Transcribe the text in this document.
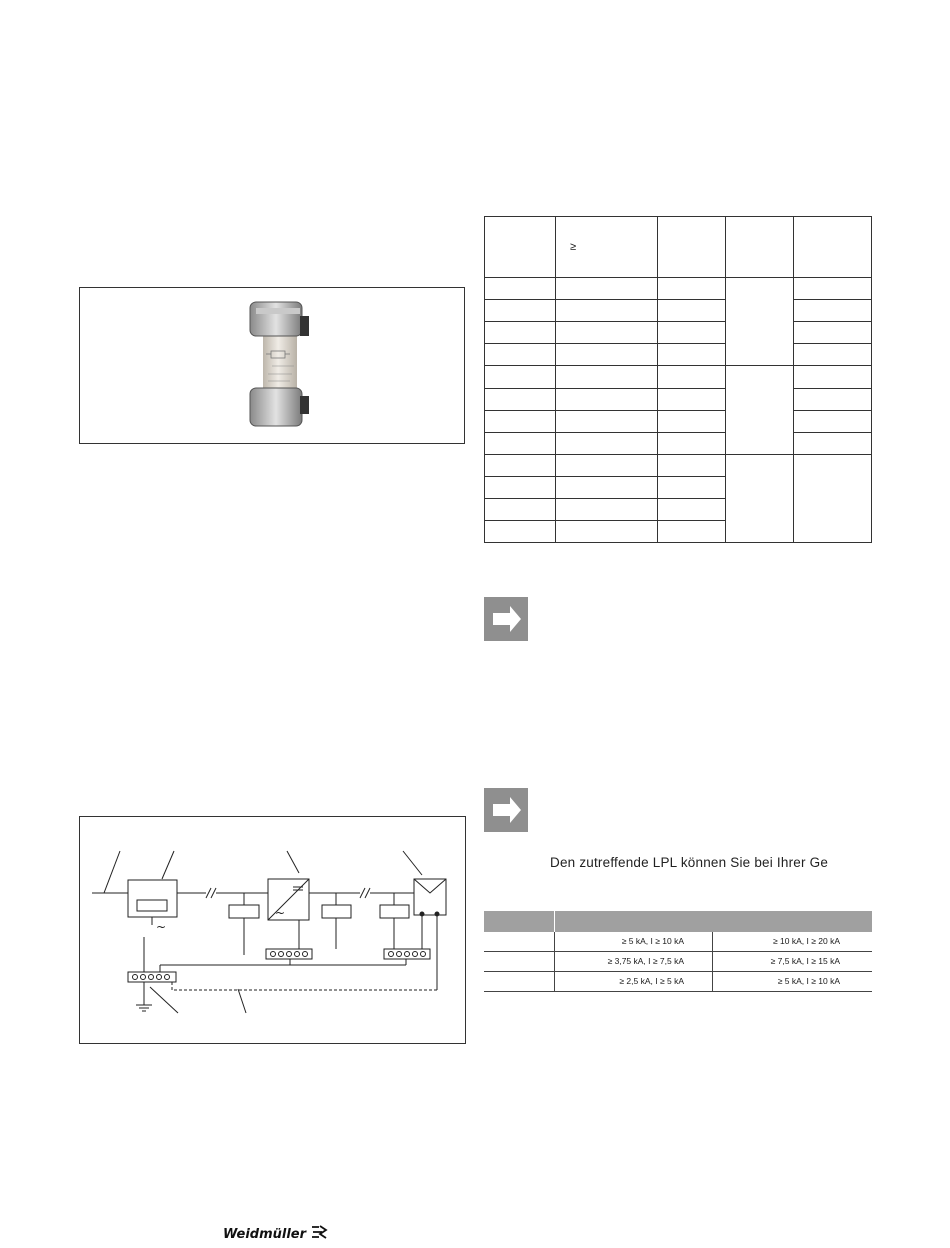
	≥			

Den zutreffende LPL können Sie bei Ihrer Ge
≥ 5 kA, I ≥ 10 kA	≥ 10 kA, I ≥ 20 kA
≥ 3,75 kA, I ≥ 7,5 kA	≥ 7,5 kA, I ≥ 15 kA
≥ 2,5 kA, I ≥ 5 kA	≥ 5 kA, I ≥ 10 kA
~
~
Weidmüller
